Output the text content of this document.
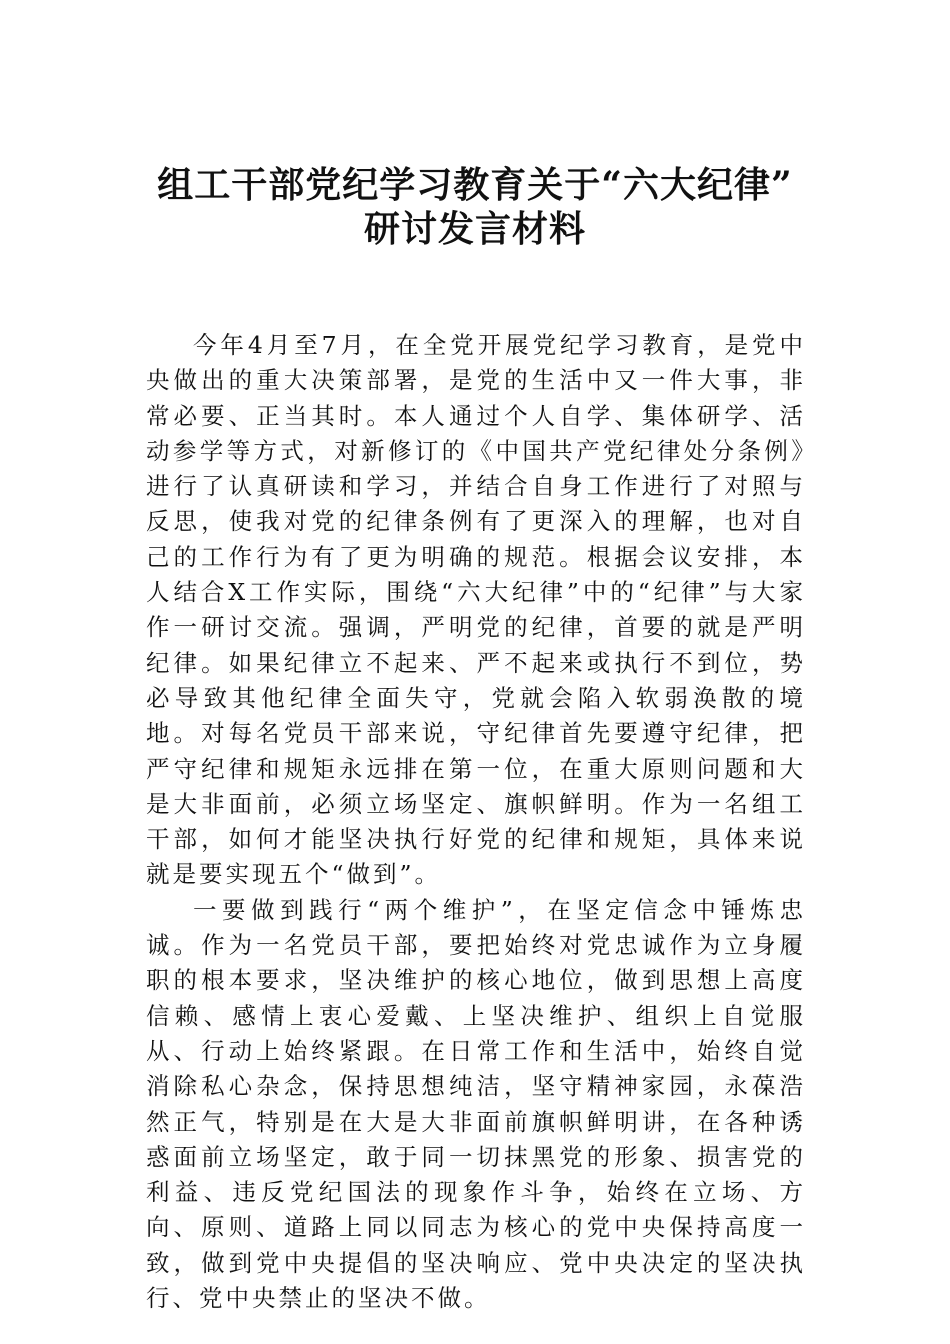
组工干部党纪学习教育关于“六大纪律”
研讨发言材料

今年4月至7月，在全党开展党纪学习教育，是党中央做出的重大决策部署，是党的生活中又一件大事，非常必要、正当其时。本人通过个人自学、集体研学、活动参学等方式，对新修订的《中国共产党纪律处分条例》进行了认真研读和学习，并结合自身工作进行了对照与反思，使我对党的纪律条例有了更深入的理解，也对自己的工作行为有了更为明确的规范。根据会议安排，本人结合X工作实际，围绕“六大纪律”中的“纪律”与大家作一研讨交流。强调，严明党的纪律，首要的就是严明纪律。如果纪律立不起来、严不起来或执行不到位，势必导致其他纪律全面失守，党就会陷入软弱涣散的境地。对每名党员干部来说，守纪律首先要遵守纪律，把严守纪律和规矩永远排在第一位，在重大原则问题和大是大非面前，必须立场坚定、旗帜鲜明。作为一名组工干部，如何才能坚决执行好党的纪律和规矩，具体来说就是要实现五个“做到”。

一要做到践行“两个维护”，在坚定信念中锤炼忠诚。作为一名党员干部，要把始终对党忠诚作为立身履职的根本要求，坚决维护的核心地位，做到思想上高度信赖、感情上衷心爱戴、上坚决维护、组织上自觉服从、行动上始终紧跟。在日常工作和生活中，始终自觉消除私心杂念，保持思想纯洁，坚守精神家园，永葆浩然正气，特别是在大是大非面前旗帜鲜明讲，在各种诱惑面前立场坚定，敢于同一切抹黑党的形象、损害党的利益、违反党纪国法的现象作斗争，始终在立场、方向、原则、道路上同以同志为核心的党中央保持高度一致，做到党中央提倡的坚决响应、党中央决定的坚决执行、党中央禁止的坚决不做。
